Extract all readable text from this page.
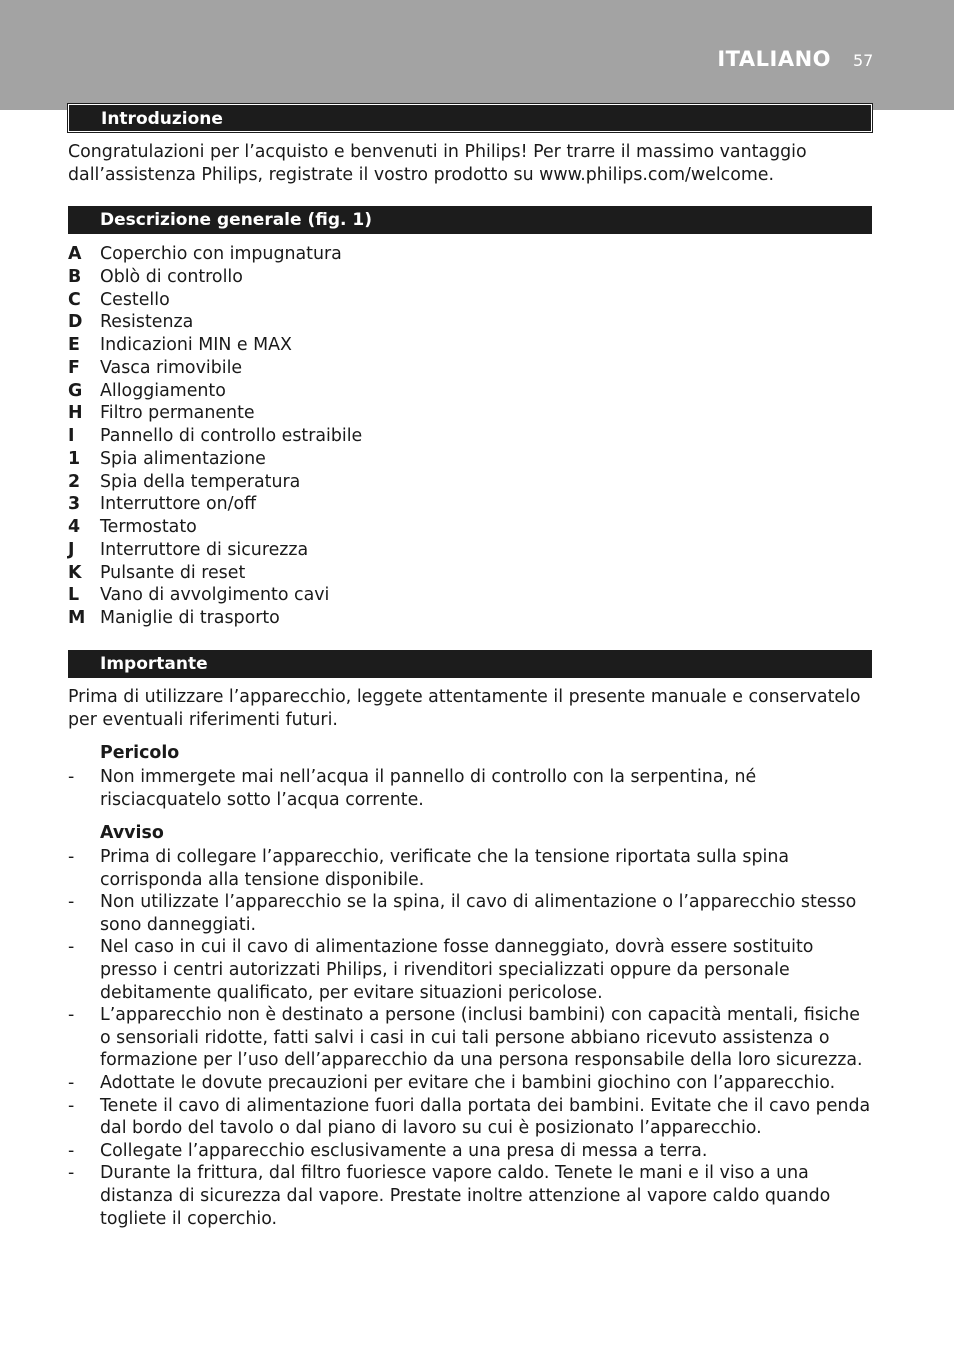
ITALIANO 57
Introduzione
Congratulazioni per l’acquisto e benvenuti in Philips! Per trarre il massimo vantaggio dall’assistenza Philips, registrate il vostro prodotto su www.philips.com/welcome.
Descrizione generale (fig. 1)
A	Coperchio con impugnatura
B	Oblò di controllo
C	Cestello
D	Resistenza
E	Indicazioni MIN e MAX
F	Vasca rimovibile
G	Alloggiamento
H	Filtro permanente
I	Pannello di controllo estraibile
1	Spia alimentazione
2	Spia della temperatura
3	Interruttore on/off
4	Termostato
J	Interruttore di sicurezza
K	Pulsante di reset
L	Vano di avvolgimento cavi
M Maniglie di trasporto
Importante
Prima di utilizzare l’apparecchio, leggete attentamente il presente manuale e conservatelo per eventuali riferimenti futuri.
Pericolo
-	Non immergete mai nell’acqua il pannello di controllo con la serpentina, né risciacquatelo sotto l’acqua corrente.
Avviso
-	Prima di collegare l’apparecchio, verificate che la tensione riportata sulla spina corrisponda alla tensione disponibile.
-	Non utilizzate l’apparecchio se la spina, il cavo di alimentazione o l’apparecchio stesso sono danneggiati.
-	Nel caso in cui il cavo di alimentazione fosse danneggiato, dovrà essere sostituito presso i centri autorizzati Philips, i rivenditori specializzati oppure da personale debitamente qualificato, per evitare situazioni pericolose.
-	L’apparecchio non è destinato a persone (inclusi bambini) con capacità mentali, fisiche o sensoriali ridotte, fatti salvi i casi in cui tali persone abbiano ricevuto assistenza o formazione per l’uso dell’apparecchio da una persona responsabile della loro sicurezza.
-	Adottate le dovute precauzioni per evitare che i bambini giochino con l’apparecchio.
-	Tenete il cavo di alimentazione fuori dalla portata dei bambini. Evitate che il cavo penda dal bordo del tavolo o dal piano di lavoro su cui è posizionato l’apparecchio.
-	Collegate l’apparecchio esclusivamente a una presa di messa a terra.
-	Durante la frittura, dal filtro fuoriesce vapore caldo. Tenete le mani e il viso a una distanza di sicurezza dal vapore. Prestate inoltre attenzione al vapore caldo quando togliete il coperchio.
